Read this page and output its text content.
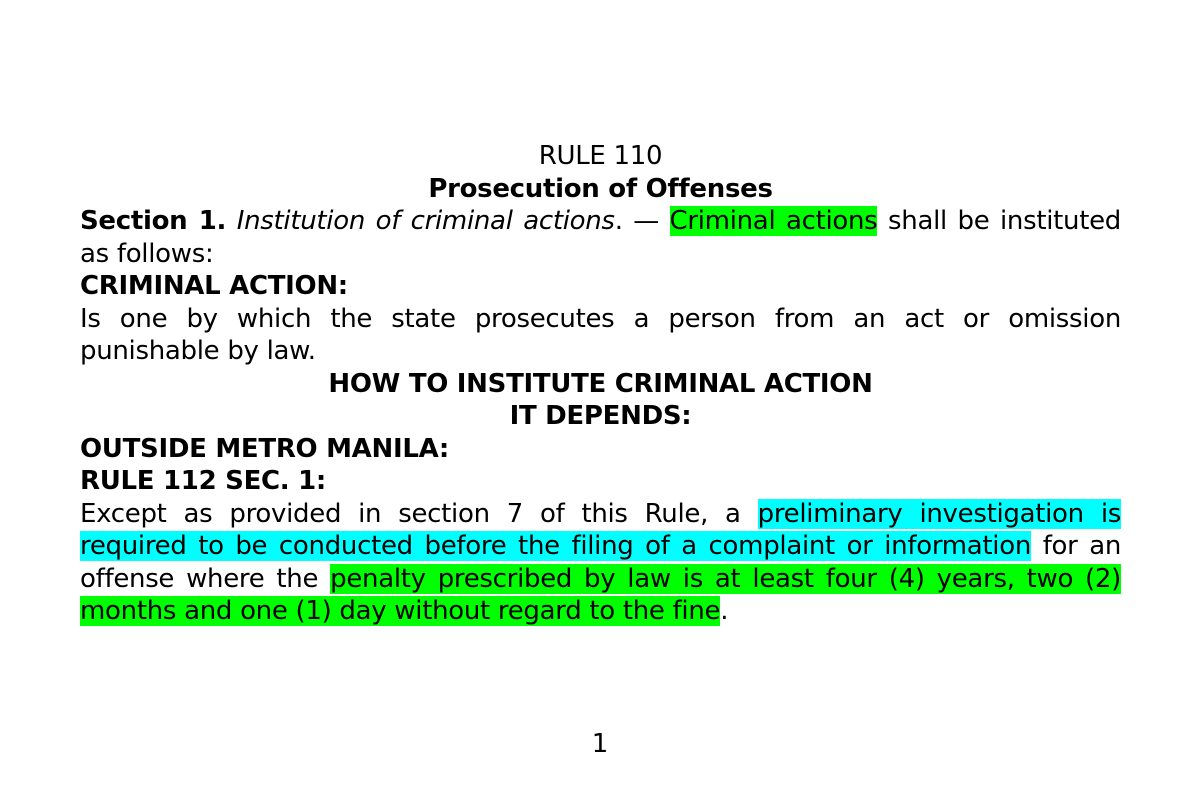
RULE 110

Prosecution of Offenses

Section 1. Institution of criminal actions. — Criminal actions shall be instituted as follows:

CRIMINAL ACTION:

Is one by which the state prosecutes a person from an act or omission punishable by law.

HOW TO INSTITUTE CRIMINAL ACTION

IT DEPENDS:

OUTSIDE METRO MANILA:

RULE 112 SEC. 1:

Except as provided in section 7 of this Rule, a preliminary investigation is required to be conducted before the filing of a complaint or information for an offense where the penalty prescribed by law is at least four (4) years, two (2) months and one (1) day without regard to the fine.

1
